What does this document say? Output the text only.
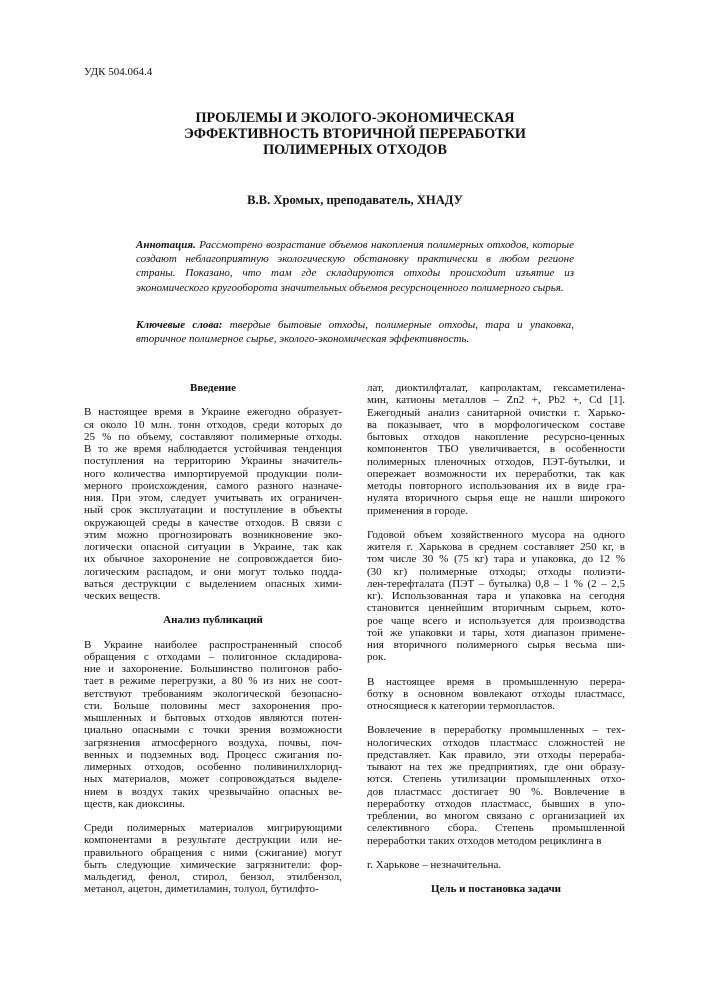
УДК 504.064.4
ПРОБЛЕМЫ И ЭКОЛОГО-ЭКОНОМИЧЕСКАЯ
ЭФФЕКТИВНОСТЬ ВТОРИЧНОЙ ПЕРЕРАБОТКИ
ПОЛИМЕРНЫХ ОТХОДОВ
В.В. Хромых, преподаватель, ХНАДУ

Аннотация. Рассмотрено возрастание объемов накопления полимерных отходов, которые создают неблагоприятную экологическую обстановку практически в любом регионе страны. Показано, что там где складируются отходы происходит изъятие из экономического кругооборота значительных объемов ресурсноценного полимерного сырья.

Ключевые слова: твердые бытовые отходы, полимерные отходы, тара и упаковка, вторичное полимерное сырье, эколого-экономическая эффективность.

Введение

В настоящее время в Украине ежегодно образует-
ся около 10 млн. тонн отходов, среди которых до
25 % по объему, составляют полимерные отходы.
В то же время наблюдается устойчивая тенденция
поступления на территорию Украины значитель-
ного количества импортируемой продукции поли-
мерного происхождения, самого разного назначе-
ния. При этом, следует учитывать их ограничен-
ный срок эксплуатации и поступление в объекты
окружающей среды в качестве отходов. В связи с
этим можно прогнозировать возникновение эко-
логически опасной ситуации в Украине, так как
их обычное захоронение не сопровождается био-
логическим распадом, и они могут только подда-
ваться деструкции с выделением опасных хими-
ческих веществ.

Анализ публикаций

В Украине наиболее распространенный способ
обращения с отходами – полигонное складирова-
ние и захоронение. Большинство полигонов рабо-
тает в режиме перегрузки, а 80 % из них не соот-
ветствуют требованиям экологической безопасно-
сти. Больше половины мест захоронения про-
мышленных и бытовых отходов являются потен-
циально опасными с точки зрения возможности
загрязнения атмосферного воздуха, почвы, поч-
венных и подземных вод. Процесс сжигания по-
лимерных отходов, особенно поливинилхлорид-
ных материалов, может сопровождаться выделе-
нием в воздух таких чрезвычайно опасных ве-
ществ, как диоксины.

Среди полимерных материалов мигрирующими
компонентами в результате деструкции или не-
правильного обращения с ними (сжигание) могут
быть следующие химические загрязнители: фор-
мальдегид, фенол, стирол, бензол, этилбензол,
метанол, ацетон, диметиламин, толуол, бутилфто-

лат, диоктилфталат, капролактам, гексаметилена-
мин, катионы металлов – Zn2 +, Pb2 +, Cd [1].
Ежегодный анализ санитарной очистки г. Харько-
ва показывает, что в морфологическом составе
бытовых отходов накопление ресурсно-ценных
компонентов ТБО увеличивается, в особенности
полимерных пленочных отходов, ПЭТ-бутылки, и
опережает возможности их переработки, так как
методы повторного использования их в виде гра-
нулята вторичного сырья еще не нашли широкого
применения в городе.

Годовой объем хозяйственного мусора на одного
жителя г. Харькова в среднем составляет 250 кг, в
том числе 30 % (75 кг) тара и упаковка, до 12 %
(30 кг) полимерные отходы; отходы полиэти-
лен-терефталата (ПЭТ – бутылка) 0,8 – 1 % (2 – 2,5
кг). Использованная тара и упаковка на сегодня
становится ценнейшим вторичным сырьем, кото-
рое чаще всего и используется для производства
той же упаковки и тары, хотя диапазон примене-
ния вторичного полимерного сырья весьма ши-
рок.

В настоящее время в промышленную перера-
ботку в основном вовлекают отходы пластмасс,
относящиеся к категории термопластов.

Вовлечение в переработку промышленных – тех-
нологических отходов пластмасс сложностей не
представляет. Как правило, эти отходы перераба-
тывают на тех же предприятиях, где они образу-
ются. Степень утилизации промышленных отхо-
дов пластмасс достигает 90 %. Вовлечение в
переработку отходов пластмасс, бывших в упо-
треблении, во многом связано с организацией их
селективного сбора. Степень промышленной
переработки таких отходов методом рециклинга в

г. Харькове – незначительна.

Цель и постановка задачи
